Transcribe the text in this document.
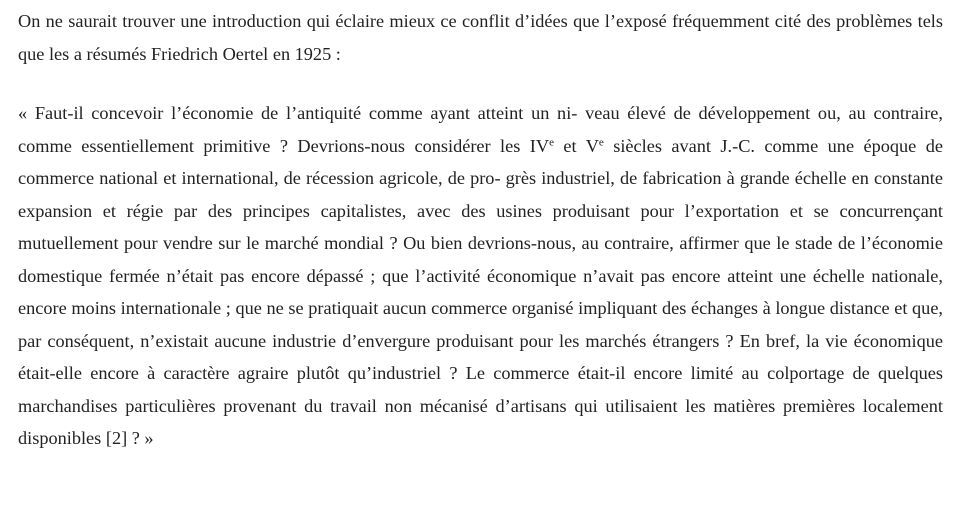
On ne saurait trouver une introduction qui éclaire mieux ce conflit d’idées que l’exposé fréquemment cité des problèmes tels que les a résumés Friedrich Oertel en 1925 :

« Faut-il concevoir l’économie de l’antiquité comme ayant atteint un ni- veau élevé de développement ou, au contraire, comme essentiellement primitive ? Devrions-nous considérer les IVe et Ve siècles avant J.-C. comme une époque de commerce national et international, de récession agricole, de pro- grès industriel, de fabrication à grande échelle en constante expansion et régie par des principes capitalistes, avec des usines produisant pour l’exportation et se concurrençant mutuellement pour vendre sur le marché mondial ? Ou bien devrions-nous, au contraire, affirmer que le stade de l’économie domestique fermée n’était pas encore dépassé ; que l’activité économique n’avait pas encore atteint une échelle nationale, encore moins internationale ; que ne se pratiquait aucun commerce organisé impliquant des échanges à longue distance et que, par conséquent, n’existait aucune industrie d’envergure produisant pour les marchés étrangers ? En bref, la vie économique était-elle encore à caractère agraire plutôt qu’industriel ? Le commerce était-il encore limité au colportage de quelques marchandises particulières provenant du travail non mécanisé d’artisans qui utilisaient les matières premières localement disponibles [2] ? »
